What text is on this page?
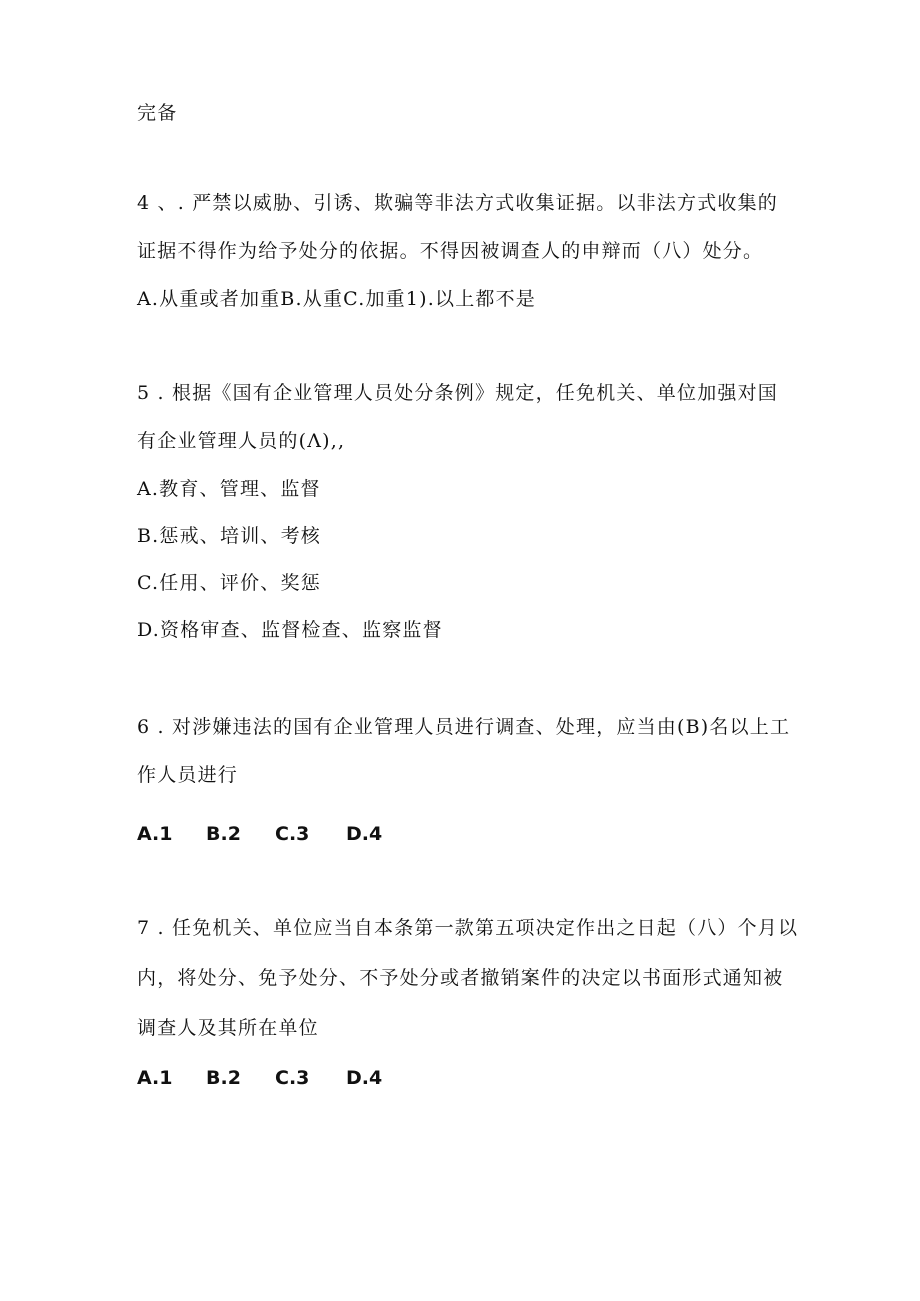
完备
4 、. 严禁以威胁、引诱、欺骗等非法方式收集证据。以非法方式收集的
证据不得作为给予处分的依据。不得因被调查人的申辩而（八）处分。
A.从重或者加重B.从重C.加重1).以上都不是
5 . 根据《国有企业管理人员处分条例》规定，任免机关、单位加强对国
有企业管理人员的(Λ),,
A.教育、管理、监督
B.惩戒、培训、考核
C.任用、评价、奖惩
D.资格审查、监督检查、监察监督
6 . 对涉嫌违法的国有企业管理人员进行调查、处理，应当由(B)名以上工
作人员进行
A.1 B.2 C.3 D.4
7 . 任免机关、单位应当自本条第一款第五项决定作出之日起（八）个月以
内，将处分、免予处分、不予处分或者撤销案件的决定以书面形式通知被
调查人及其所在单位
A.1 B.2 C.3 D.4
